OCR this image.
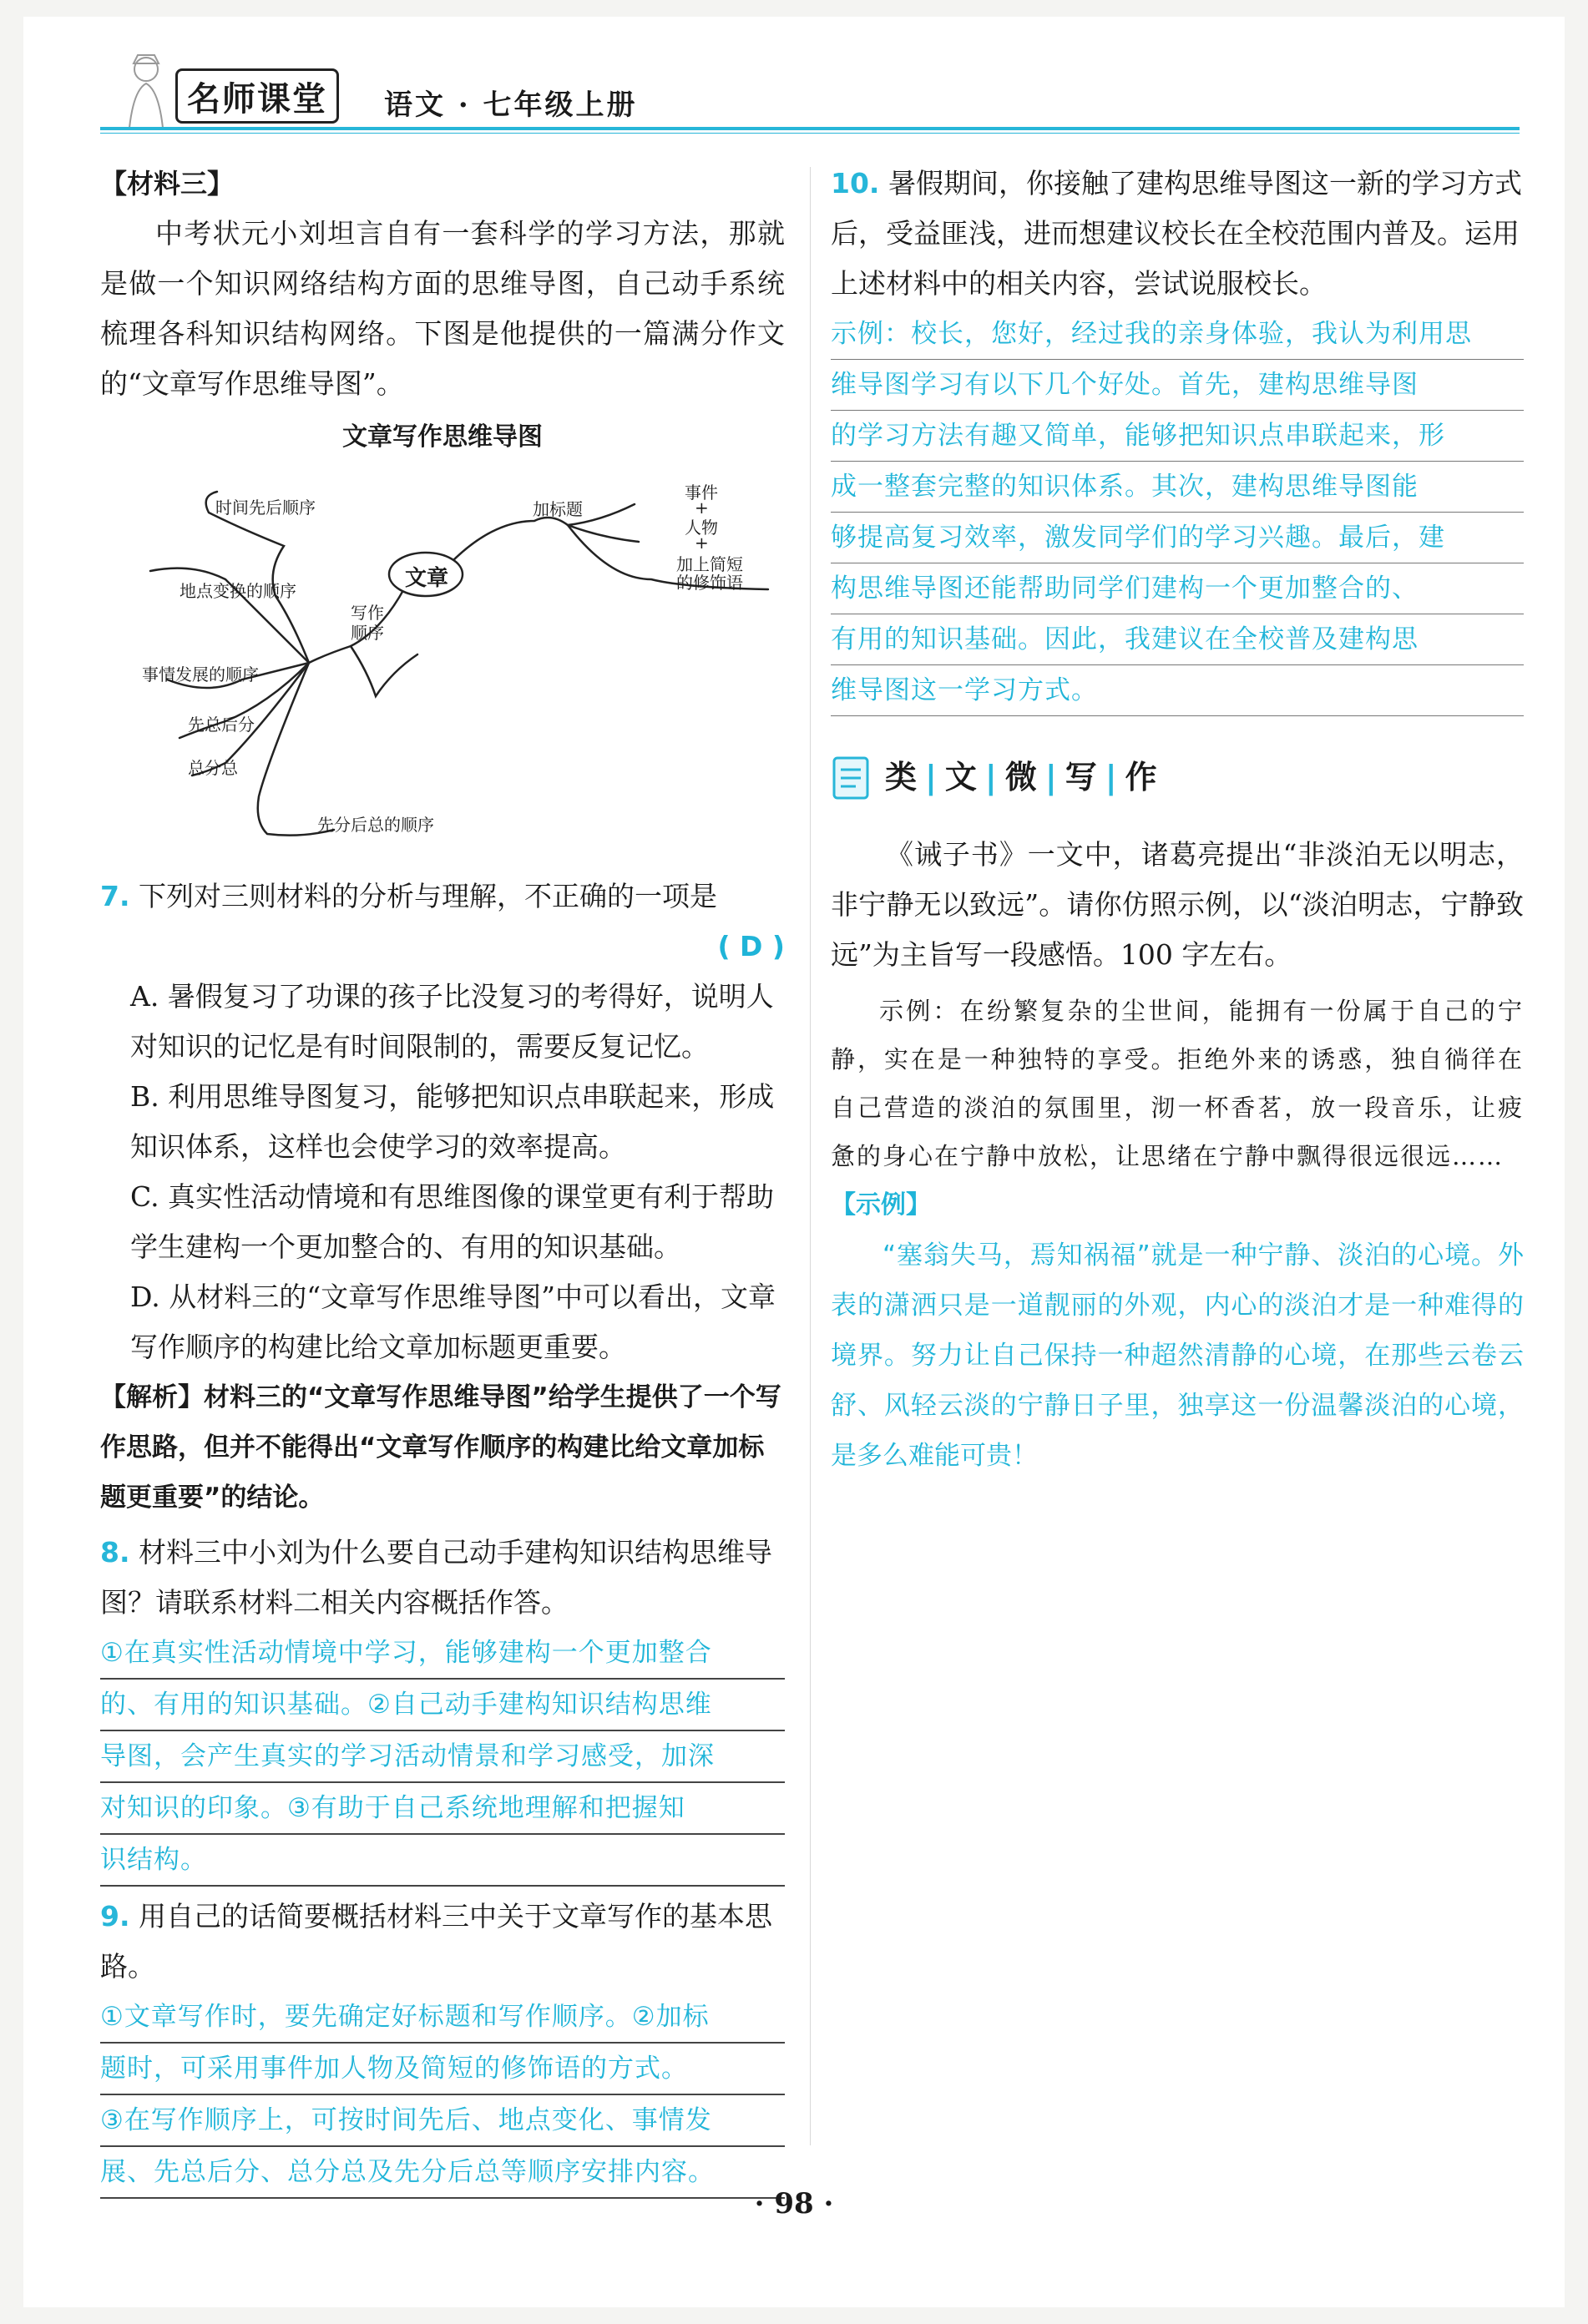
名师课堂	语文 · 七年级上册
【材料三】

中考状元小刘坦言自有一套科学的学习方法，那就是做一个知识网络结构方面的思维导图，自己动手系统梳理各科知识结构网络。下图是他提供的一篇满分作文的“文章写作思维导图”。

文章写作思维导图
文章
加标题
事件
+
人物
+
加上简短
的修饰语
写作顺序
时间先后顺序
地点变换的顺序
事情发展的顺序
先总后分
总分总
先分后总的顺序

7. 下列对三则材料的分析与理解，不正确的一项是

( D )

A. 暑假复习了功课的孩子比没复习的考得好，说明人对知识的记忆是有时间限制的，需要反复记忆。

B. 利用思维导图复习，能够把知识点串联起来，形成知识体系，这样也会使学习的效率提高。

C. 真实性活动情境和有思维图像的课堂更有利于帮助学生建构一个更加整合的、有用的知识基础。

D. 从材料三的“文章写作思维导图”中可以看出，文章写作顺序的构建比给文章加标题更重要。

【解析】材料三的“文章写作思维导图”给学生提供了一个写作思路，但并不能得出“文章写作顺序的构建比给文章加标题更重要”的结论。

8. 材料三中小刘为什么要自己动手建构知识结构思维导图？请联系材料二相关内容概括作答。

①在真实性活动情境中学习，能够建构一个更加整合
的、有用的知识基础。②自己动手建构知识结构思维
导图，会产生真实的学习活动情景和学习感受，加深
对知识的印象。③有助于自己系统地理解和把握知
识结构。

9. 用自己的话简要概括材料三中关于文章写作的基本思路。

①文章写作时，要先确定好标题和写作顺序。②加标
题时，可采用事件加人物及简短的修饰语的方式。
③在写作顺序上，可按时间先后、地点变化、事情发
展、先总后分、总分总及先分后总等顺序安排内容。

10. 暑假期间，你接触了建构思维导图这一新的学习方式后，受益匪浅，进而想建议校长在全校范围内普及。运用上述材料中的相关内容，尝试说服校长。

示例：校长，您好，经过我的亲身体验，我认为利用思
维导图学习有以下几个好处。首先，建构思维导图
的学习方法有趣又简单，能够把知识点串联起来，形
成一整套完整的知识体系。其次，建构思维导图能
够提高复习效率，激发同学们的学习兴趣。最后，建
构思维导图还能帮助同学们建构一个更加整合的、
有用的知识基础。因此，我建议在全校普及建构思
维导图这一学习方式。
类 | 文 | 微 | 写 | 作

《诫子书》一文中，诸葛亮提出“非淡泊无以明志，非宁静无以致远”。请你仿照示例，以“淡泊明志，宁静致远”为主旨写一段感悟。100 字左右。

示例：在纷繁复杂的尘世间，能拥有一份属于自己的宁静，实在是一种独特的享受。拒绝外来的诱惑，独自徜徉在自己营造的淡泊的氛围里，沏一杯香茗，放一段音乐，让疲惫的身心在宁静中放松，让思绪在宁静中飘得很远很远……

【示例】

“塞翁失马，焉知祸福”就是一种宁静、淡泊的心境。外表的潇洒只是一道靓丽的外观，内心的淡泊才是一种难得的境界。努力让自己保持一种超然清静的心境，在那些云卷云舒、风轻云淡的宁静日子里，独享这一份温馨淡泊的心境，是多么难能可贵！

· 98 ·
